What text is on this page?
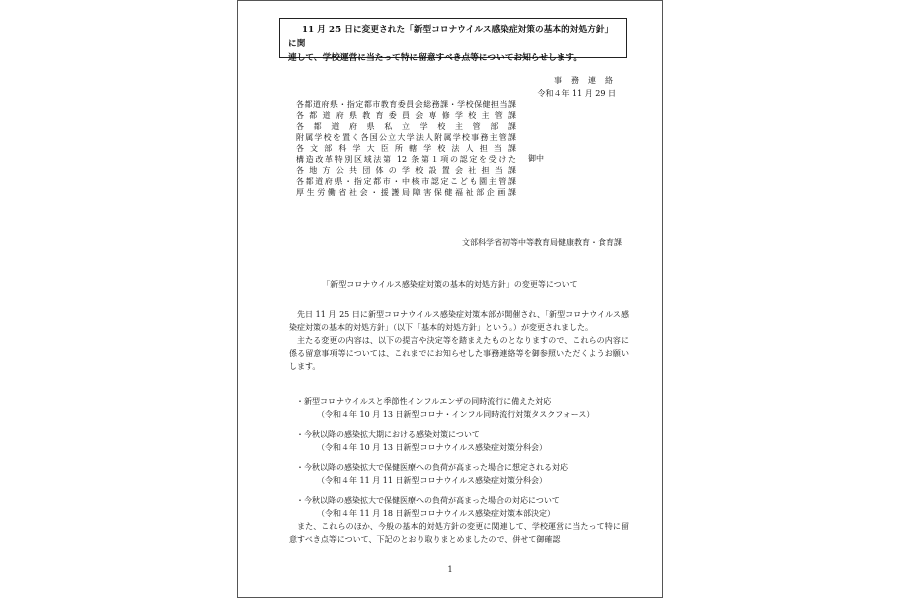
11 月 25 日に変更された「新型コロナウイルス感染症対策の基本的対処方針」に関
連して、学校運営に当たって特に留意すべき点等についてお知らせします。
事務連絡
令和４年 11 月 29 日
各都道府県・指定都市教育委員会総務課・学校保健担当課
各都道府県教育委員会専修学校主管課
各都道府県私立学校主管部課
附属学校を置く各国公立大学法人附属学校事務主管課
各文部科学大臣所轄学校法人担当課
構造改革特別区域法第 12 条第１項の認定を受けた
各地方公共団体の学校設置会社担当課
各都道府県・指定都市・中核市認定こども園主管課
厚生労働省社会・援護局障害保健福祉部企画課
御中
文部科学省初等中等教育局健康教育・食育課
「新型コロナウイルス感染症対策の基本的対処方針」の変更等について

先日 11 月 25 日に新型コロナウイルス感染症対策本部が開催され、「新型コロナウイルス感染症対策の基本的対処方針」（以下「基本的対処方針」という。）が変更されました。

主たる変更の内容は、以下の提言や決定等を踏まえたものとなりますので、これらの内容に係る留意事項等については、これまでにお知らせした事務連絡等を御参照いただくようお願いします。

・新型コロナウイルスと季節性インフルエンザの同時流行に備えた対応
（令和４年 10 月 13 日新型コロナ・インフル同時流行対策タスクフォース）
・今秋以降の感染拡大期における感染対策について
（令和４年 10 月 13 日新型コロナウイルス感染症対策分科会）
・今秋以降の感染拡大で保健医療への負荷が高まった場合に想定される対応
（令和４年 11 月 11 日新型コロナウイルス感染症対策分科会）
・今秋以降の感染拡大で保健医療への負荷が高まった場合の対応について
（令和４年 11 月 18 日新型コロナウイルス感染症対策本部決定）

また、これらのほか、今般の基本的対処方針の変更に関連して、学校運営に当たって特に留意すべき点等について、下記のとおり取りまとめましたので、併せて御確認

1
